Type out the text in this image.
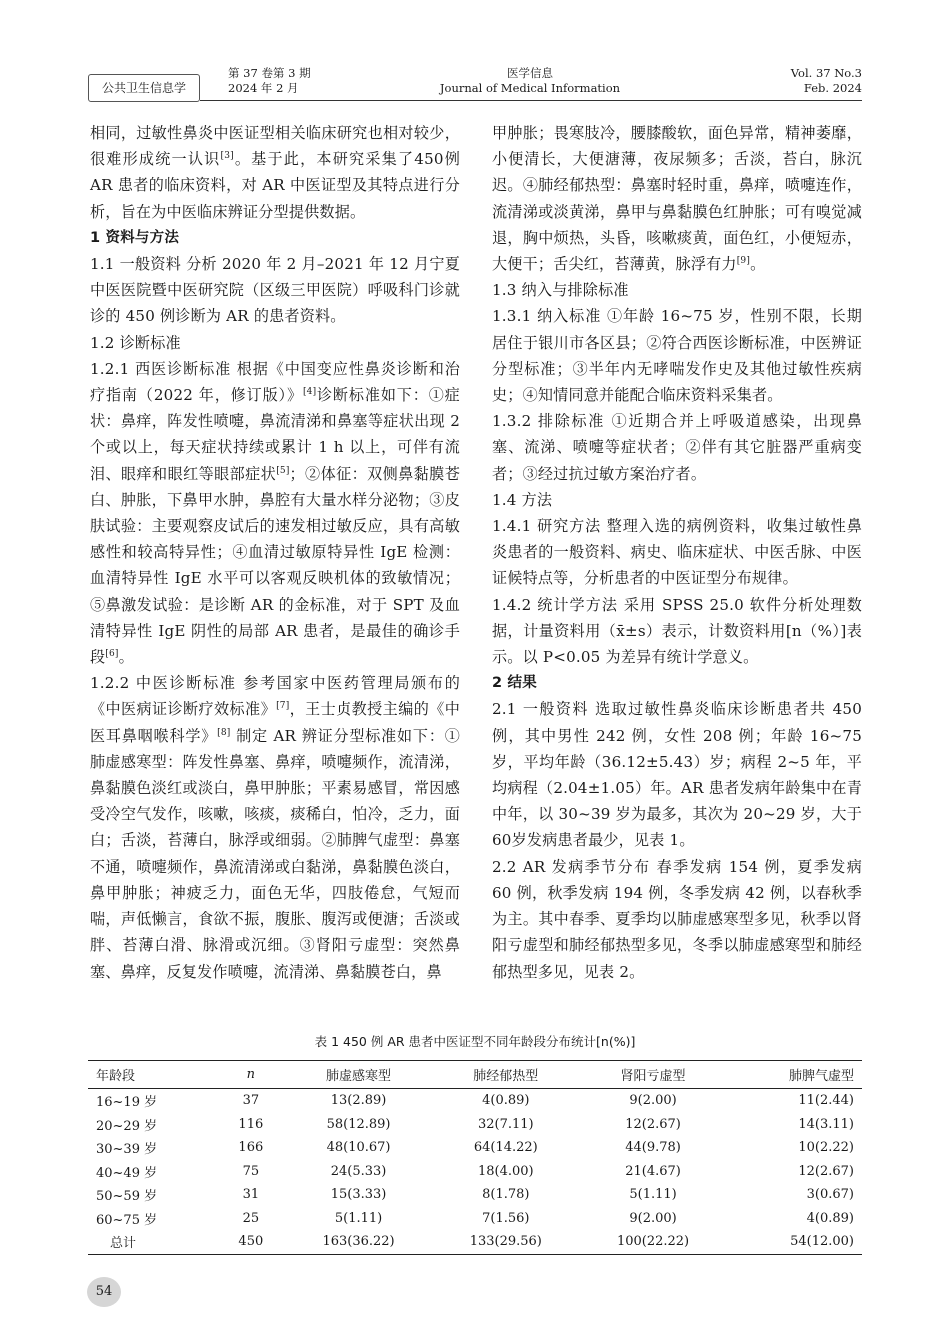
公共卫生信息学
第 37 卷第 3 期
2024 年 2 月
医学信息
Journal of Medical Information
Vol. 37 No.3
Feb. 2024

相同，过敏性鼻炎中医证型相关临床研究也相对较少，很难形成统一认识[3]。基于此，本研究采集了450例 AR 患者的临床资料，对 AR 中医证型及其特点进行分析，旨在为中医临床辨证分型提供数据。

1 资料与方法

1.1 一般资料 分析 2020 年 2 月–2021 年 12 月宁夏中医医院暨中医研究院（区级三甲医院）呼吸科门诊就诊的 450 例诊断为 AR 的患者资料。

1.2 诊断标准

1.2.1 西医诊断标准 根据《中国变应性鼻炎诊断和治疗指南（2022 年，修订版）》[4]诊断标准如下：①症状：鼻痒，阵发性喷嚏，鼻流清涕和鼻塞等症状出现 2 个或以上，每天症状持续或累计 1 h 以上，可伴有流泪、眼痒和眼红等眼部症状[5]；②体征：双侧鼻黏膜苍白、肿胀，下鼻甲水肿，鼻腔有大量水样分泌物；③皮肤试验：主要观察皮试后的速发相过敏反应，具有高敏感性和较高特异性；④血清过敏原特异性 IgE 检测：血清特异性 IgE 水平可以客观反映机体的致敏情况；⑤鼻激发试验：是诊断 AR 的金标准，对于 SPT 及血清特异性 IgE 阴性的局部 AR 患者，是最佳的确诊手段[6]。

1.2.2 中医诊断标准 参考国家中医药管理局颁布的《中医病证诊断疗效标准》[7]，王士贞教授主编的《中医耳鼻咽喉科学》[8] 制定 AR 辨证分型标准如下：①肺虚感寒型：阵发性鼻塞、鼻痒，喷嚏频作，流清涕，鼻黏膜色淡红或淡白，鼻甲肿胀；平素易感冒，常因感受冷空气发作，咳嗽，咳痰，痰稀白，怕冷，乏力，面白；舌淡，苔薄白，脉浮或细弱。②肺脾气虚型：鼻塞不通，喷嚏频作，鼻流清涕或白黏涕，鼻黏膜色淡白，鼻甲肿胀；神疲乏力，面色无华，四肢倦怠，气短而喘，声低懒言，食欲不振，腹胀、腹泻或便溏；舌淡或胖、苔薄白滑、脉滑或沉细。③肾阳亏虚型：突然鼻塞、鼻痒，反复发作喷嚏，流清涕、鼻黏膜苍白，鼻

甲肿胀；畏寒肢冷，腰膝酸软，面色异常，精神萎靡，小便清长，大便溏薄，夜尿频多；舌淡，苔白，脉沉迟。④肺经郁热型：鼻塞时轻时重，鼻痒，喷嚏连作，流清涕或淡黄涕，鼻甲与鼻黏膜色红肿胀；可有嗅觉减退，胸中烦热，头昏，咳嗽痰黄，面色红，小便短赤，大便干；舌尖红，苔薄黄，脉浮有力[9]。

1.3 纳入与排除标准

1.3.1 纳入标准 ①年龄 16~75 岁，性别不限，长期居住于银川市各区县；②符合西医诊断标准，中医辨证分型标准；③半年内无哮喘发作史及其他过敏性疾病史；④知情同意并能配合临床资料采集者。

1.3.2 排除标准 ①近期合并上呼吸道感染，出现鼻塞、流涕、喷嚏等症状者；②伴有其它脏器严重病变者；③经过抗过敏方案治疗者。

1.4 方法

1.4.1 研究方法 整理入选的病例资料，收集过敏性鼻炎患者的一般资料、病史、临床症状、中医舌脉、中医证候特点等，分析患者的中医证型分布规律。

1.4.2 统计学方法 采用 SPSS 25.0 软件分析处理数据，计量资料用（x̄±s）表示，计数资料用[n（%）]表示。以 P<0.05 为差异有统计学意义。

2 结果

2.1 一般资料 选取过敏性鼻炎临床诊断患者共 450 例，其中男性 242 例，女性 208 例；年龄 16~75 岁，平均年龄（36.12±5.43）岁；病程 2~5 年，平均病程（2.04±1.05）年。AR 患者发病年龄集中在青中年，以 30~39 岁为最多，其次为 20~29 岁，大于 60岁发病患者最少，见表 1。

2.2 AR 发病季节分布 春季发病 154 例，夏季发病 60 例，秋季发病 194 例，冬季发病 42 例，以春秋季为主。其中春季、夏季均以肺虚感寒型多见，秋季以肾阳亏虚型和肺经郁热型多见，冬季以肺虚感寒型和肺经郁热型多见，见表 2。

表 1 450 例 AR 患者中医证型不同年龄段分布统计[n(%)]
年龄段	n	肺虚感寒型	肺经郁热型	肾阳亏虚型	肺脾气虚型
16~19 岁	37	13(2.89)	4(0.89)	9(2.00)	11(2.44)
20~29 岁	116	58(12.89)	32(7.11)	12(2.67)	14(3.11)
30~39 岁	166	48(10.67)	64(14.22)	44(9.78)	10(2.22)
40~49 岁	75	24(5.33)	18(4.00)	21(4.67)	12(2.67)
50~59 岁	31	15(3.33)	8(1.78)	5(1.11)	3(0.67)
60~75 岁	25	5(1.11)	7(1.56)	9(2.00)	4(0.89)
总计	450	163(36.22)	133(29.56)	100(22.22)	54(12.00)
54
